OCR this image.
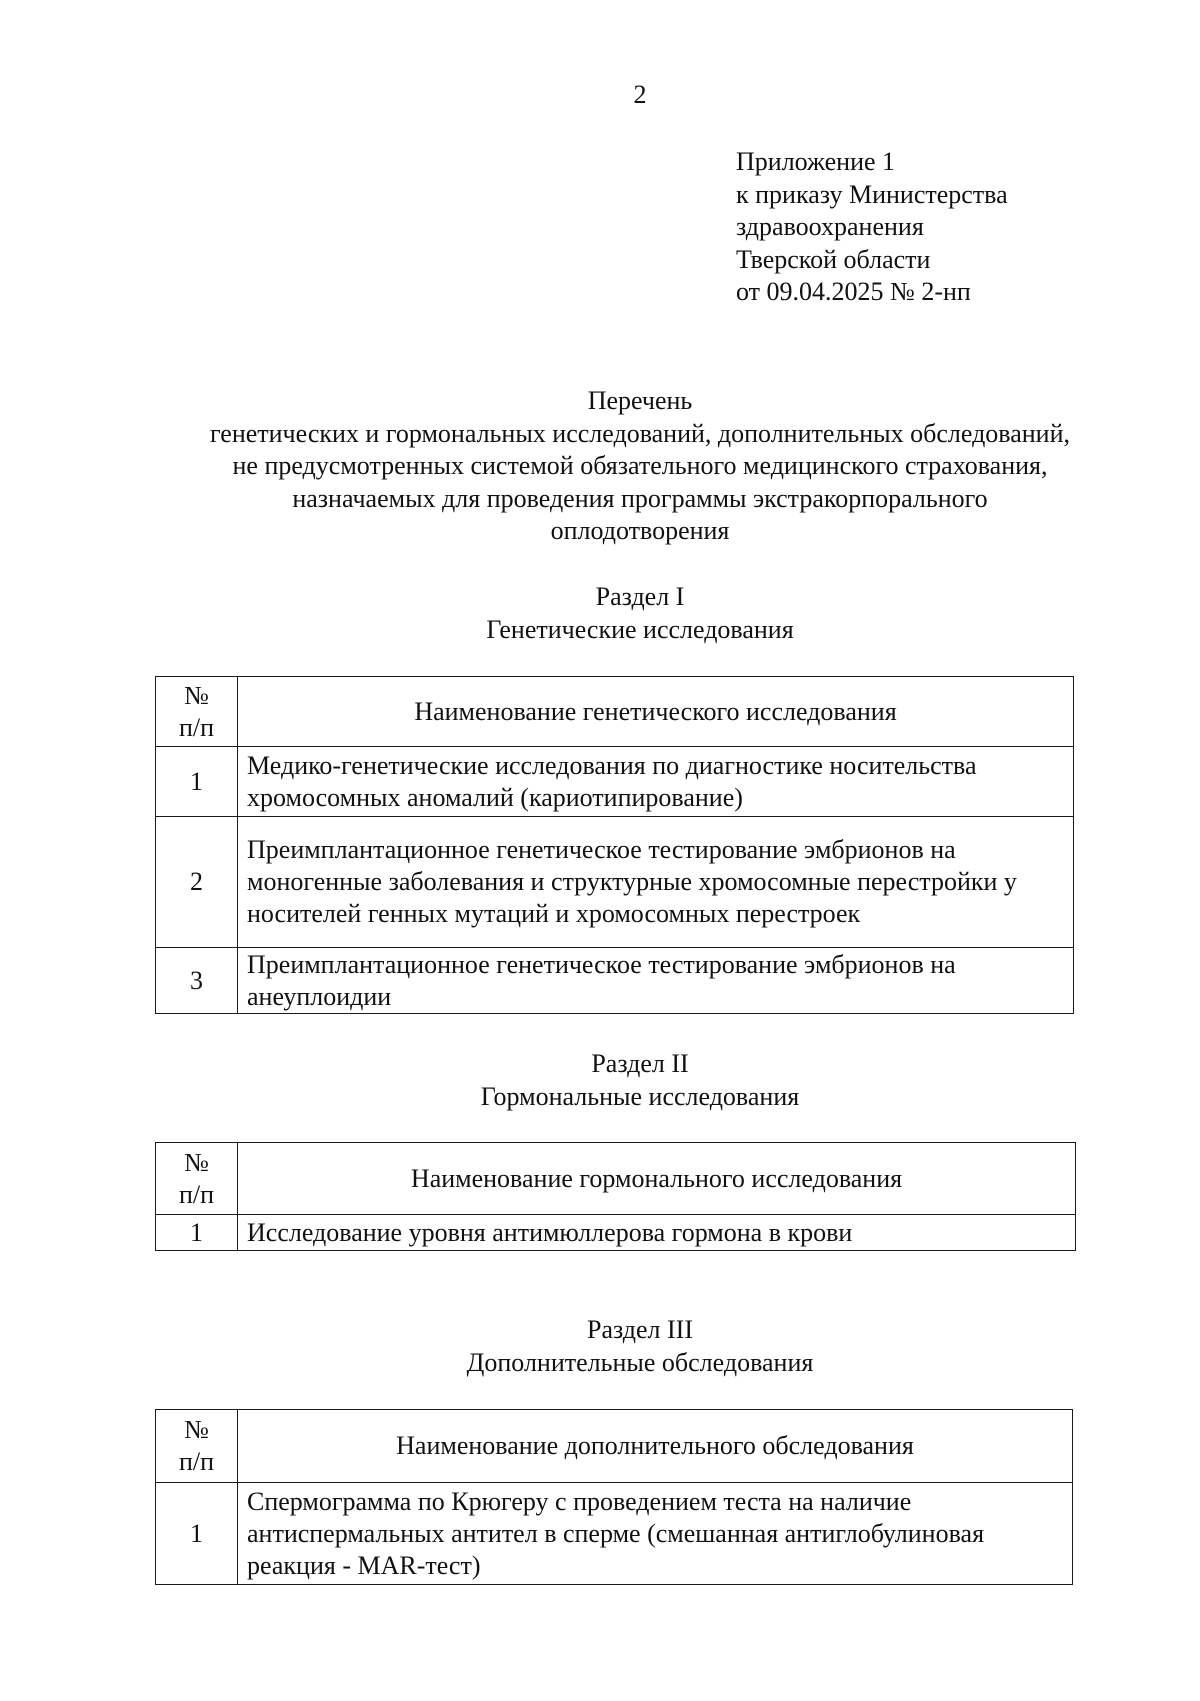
2
Приложение 1
к приказу Министерства
здравоохранения
Тверской области
от 09.04.2025 № 2-нп
Перечень
генетических и гормональных исследований, дополнительных обследований,
не предусмотренных системой обязательного медицинского страхования,
назначаемых для проведения программы экстракорпорального
оплодотворения
Раздел I
Генетические исследования
№
п/п	Наименование генетического исследования
1	Медико-генетические исследования по диагностике носительства хромосомных аномалий (кариотипирование)
2	Преимплантационное генетическое тестирование эмбрионов на моногенные заболевания и структурные хромосомные перестройки у носителей генных мутаций и хромосомных перестроек
3	Преимплантационное генетическое тестирование эмбрионов на анеуплоидии
Раздел II
Гормональные исследования
№
п/п	Наименование гормонального исследования
1	Исследование уровня антимюллерова гормона в крови
Раздел III
Дополнительные обследования
№
п/п	Наименование дополнительного обследования
1	Спермограмма по Крюгеру с проведением теста на наличие антиспермальных антител в сперме (смешанная антиглобулиновая реакция - MAR-тест)
